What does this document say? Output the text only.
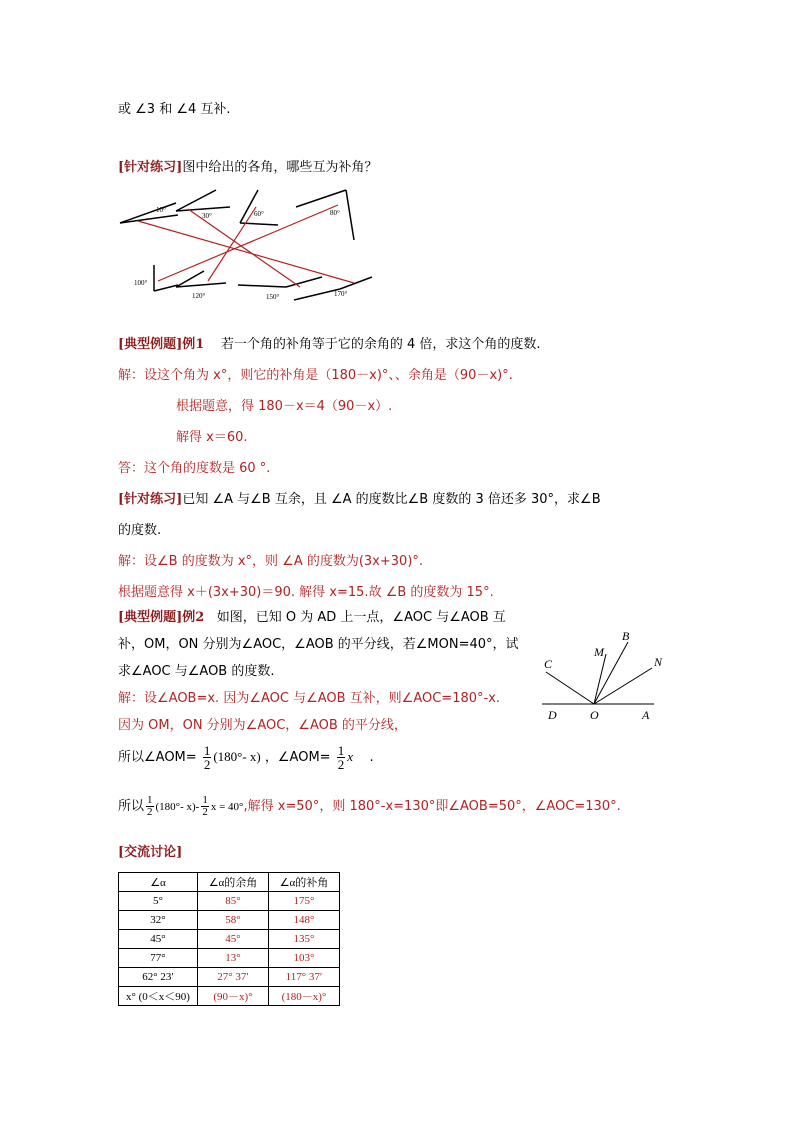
或 ∠3 和 ∠4 互补.
[针对练习]图中给出的各角，哪些互为补角？
10°
30°	60°	80°
100°
120°	150°	170°
[典型例题]例1 若一个角的补角等于它的余角的 4 倍，求这个角的度数.
解：设这个角为 x°，则它的补角是（180－x)°、、余角是（90－x)°.
根据题意，得 180－x＝4（90－x）.
解得 x＝60.
答：这个角的度数是 60 °.
[针对练习]已知 ∠A 与∠B 互余，且 ∠A 的度数比∠B 度数的 3 倍还多 30°，求∠B
的度数.
解：设∠B 的度数为 x°，则 ∠A 的度数为(3x+30)°.
根据题意得 x＋(3x+30)＝90. 解得 x=15.故 ∠B 的度数为 15°.
[典型例题]例2 如图，已知 O 为 AD 上一点，∠AOC 与∠AOB 互
补，OM，ON 分别为∠AOC，∠AOB 的平分线，若∠MON=40°，试
求∠AOC 与∠AOB 的度数.
解：设∠AOB=x. 因为∠AOC 与∠AOB 互补，则∠AOC=180°-x.
因为 OM，ON 分别为∠AOC，∠AOB 的平分线，
C
M
B
N
D	O	A
所以∠AOM= $\frac{1}{2} (180^\circ-$ x) ，∠AOM= $\frac{1}{2}$ x .
所以 $\frac{1}{2} (180^\circ-$ $x)- \frac{1}{2}$ x = 40°,解得 x=50°，则 180°-x=130°即∠AOB=50°，∠AOC=130°.
[交流讨论]
∠α	∠α的余角	∠α的补角
5°	85°	175°
32°	58°	148°
45°	45°	135°
77°	13°	103°
62° 23′	27° 37′	117° 37′
x° (0＜x＜90)	(90－x)°	(180－x)°
